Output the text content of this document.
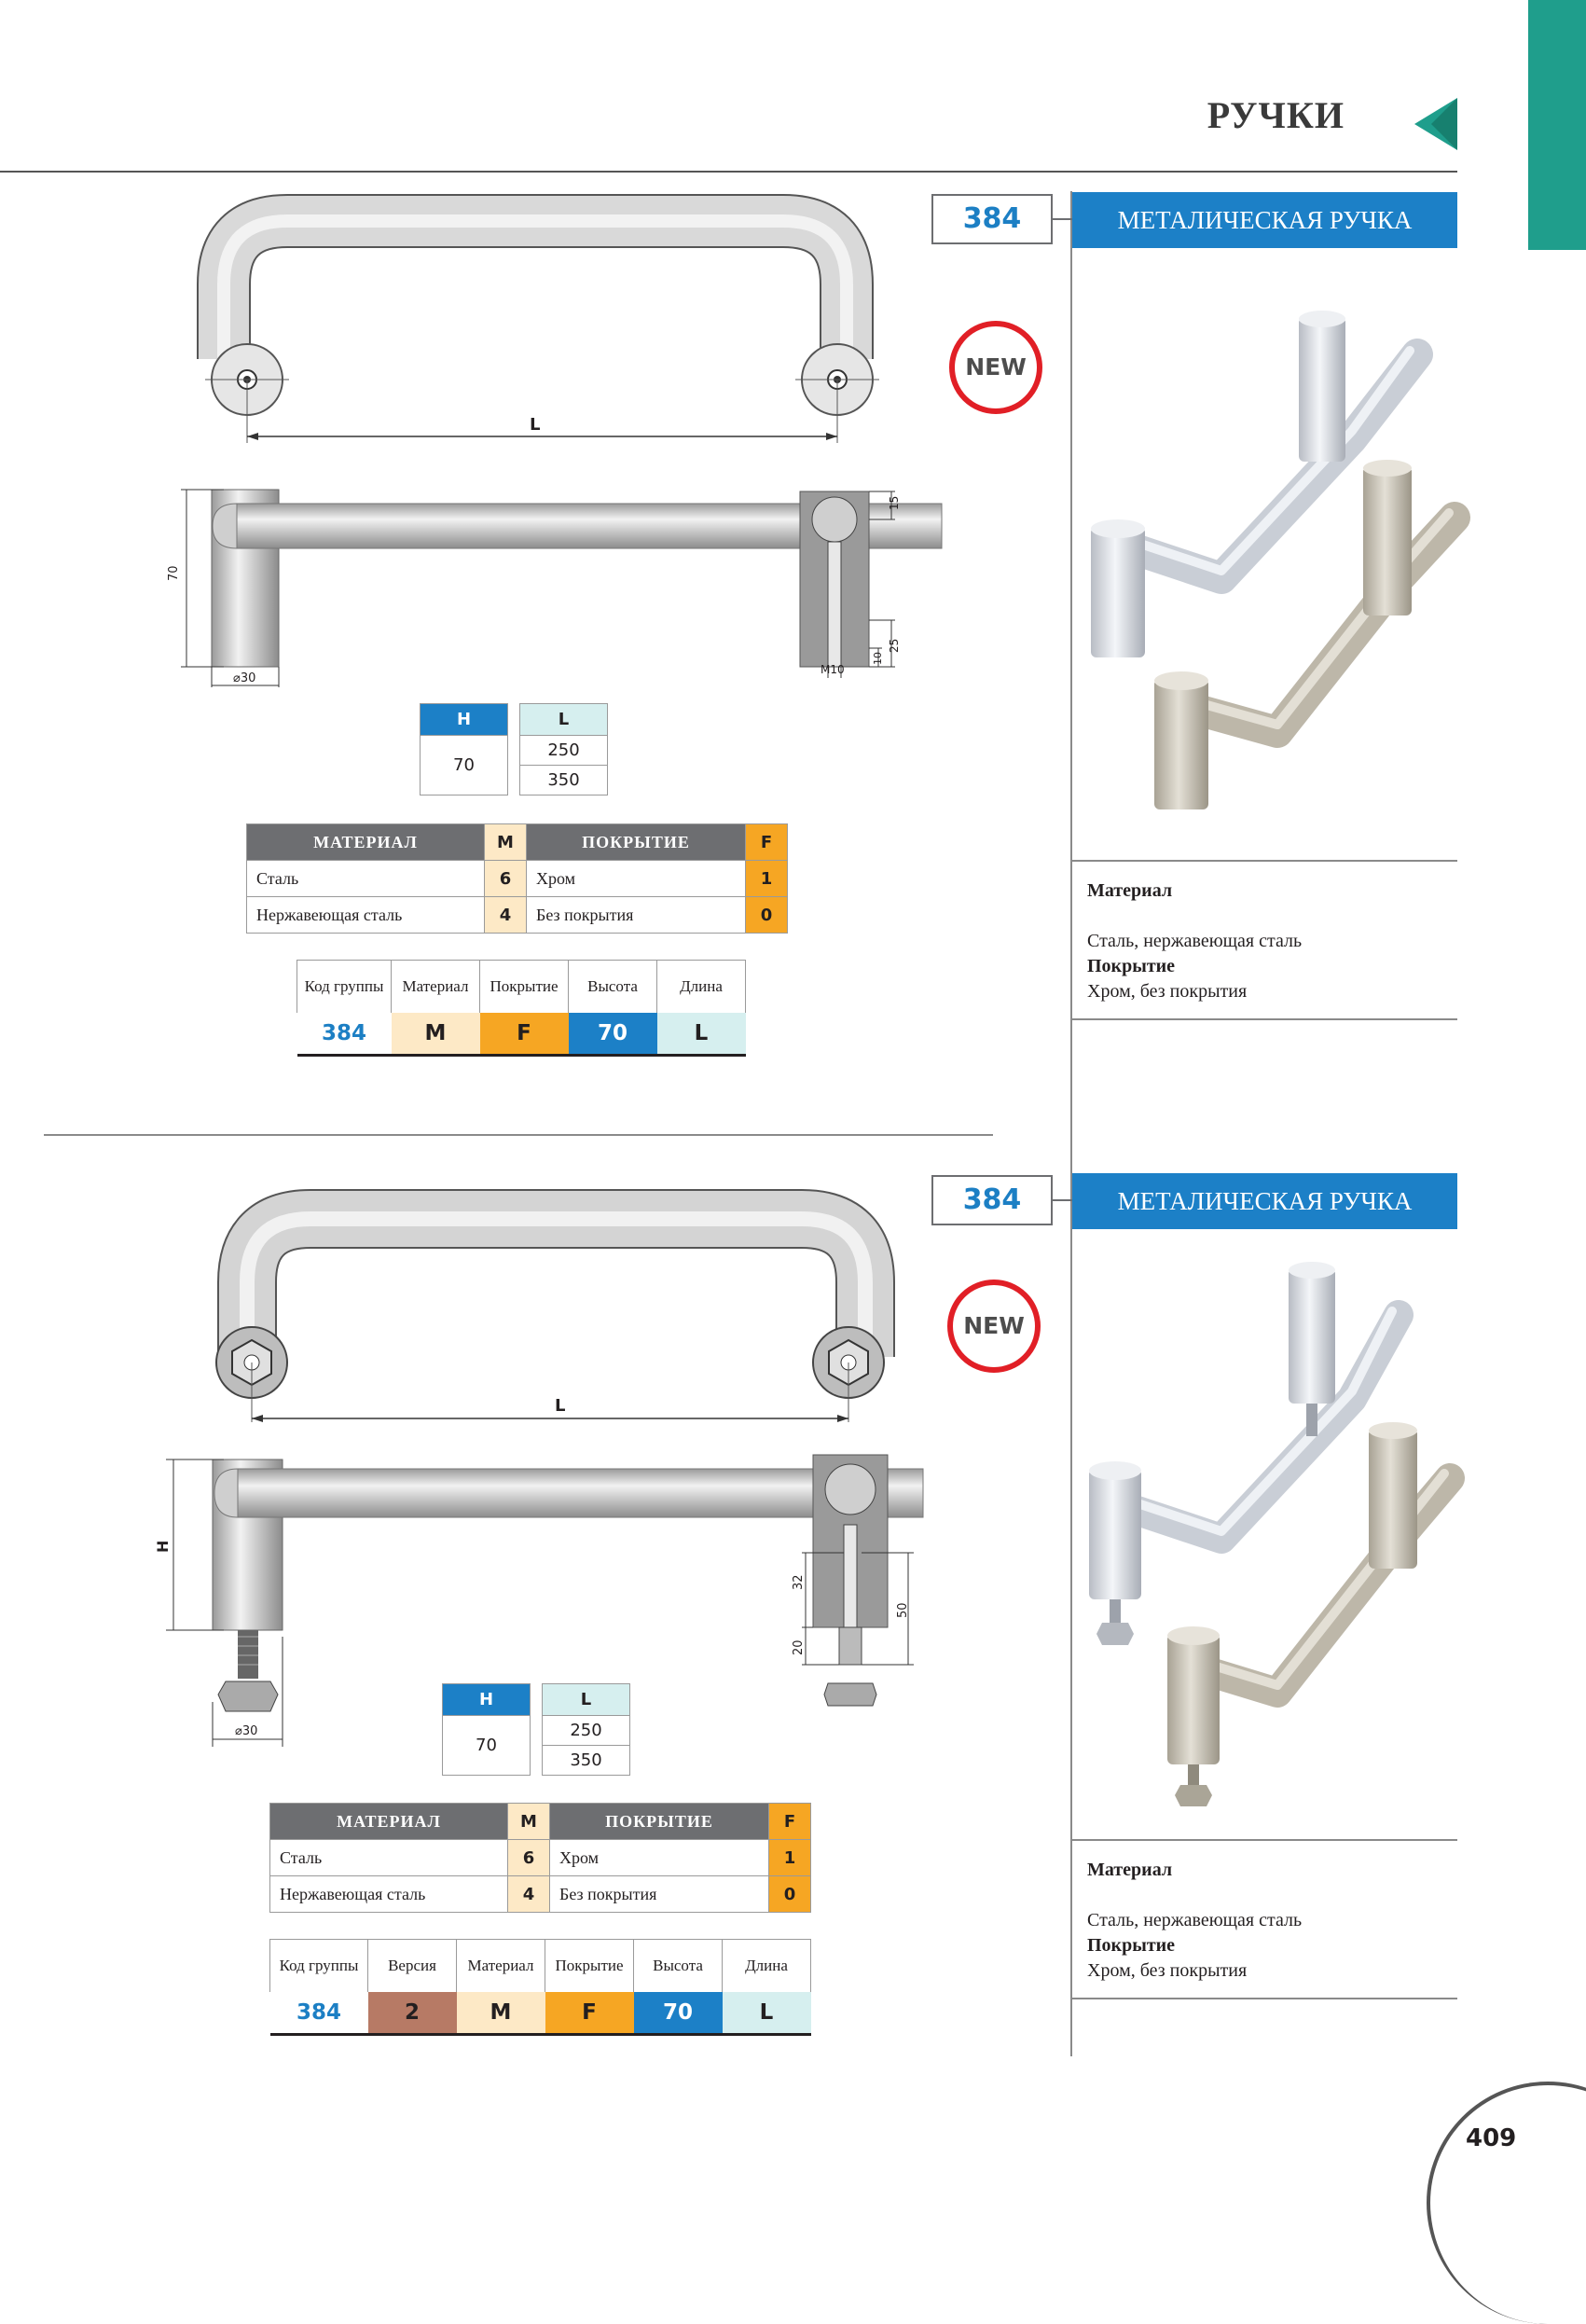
РУЧКИ
384	МЕТАЛИЧЕСКАЯ РУЧКА
NEW
L
70
⌀30
15
25
10
M10
H		L
70		250
		350
МАТЕРИАЛ	M	ПОКРЫТИЕ	F
Сталь	6	Хром	1
Нержавеющая сталь	4	Без покрытия	0
Код группы	Материал	Покрытие	Высота	Длина
384	M	F	70	L
Материал

Сталь, нержавеющая сталь
Покрытие
Хром, без покрытия
384	МЕТАЛИЧЕСКАЯ РУЧКА
NEW
L
H
⌀30
32
20
50
H		L
70		250
		350
МАТЕРИАЛ	M	ПОКРЫТИЕ	F
Сталь	6	Хром	1
Нержавеющая сталь	4	Без покрытия	0
Код группы	Версия	Материал	Покрытие	Высота	Длина
384	2	M	F	70	L
Материал

Сталь, нержавеющая сталь
Покрытие
Хром, без покрытия
409
